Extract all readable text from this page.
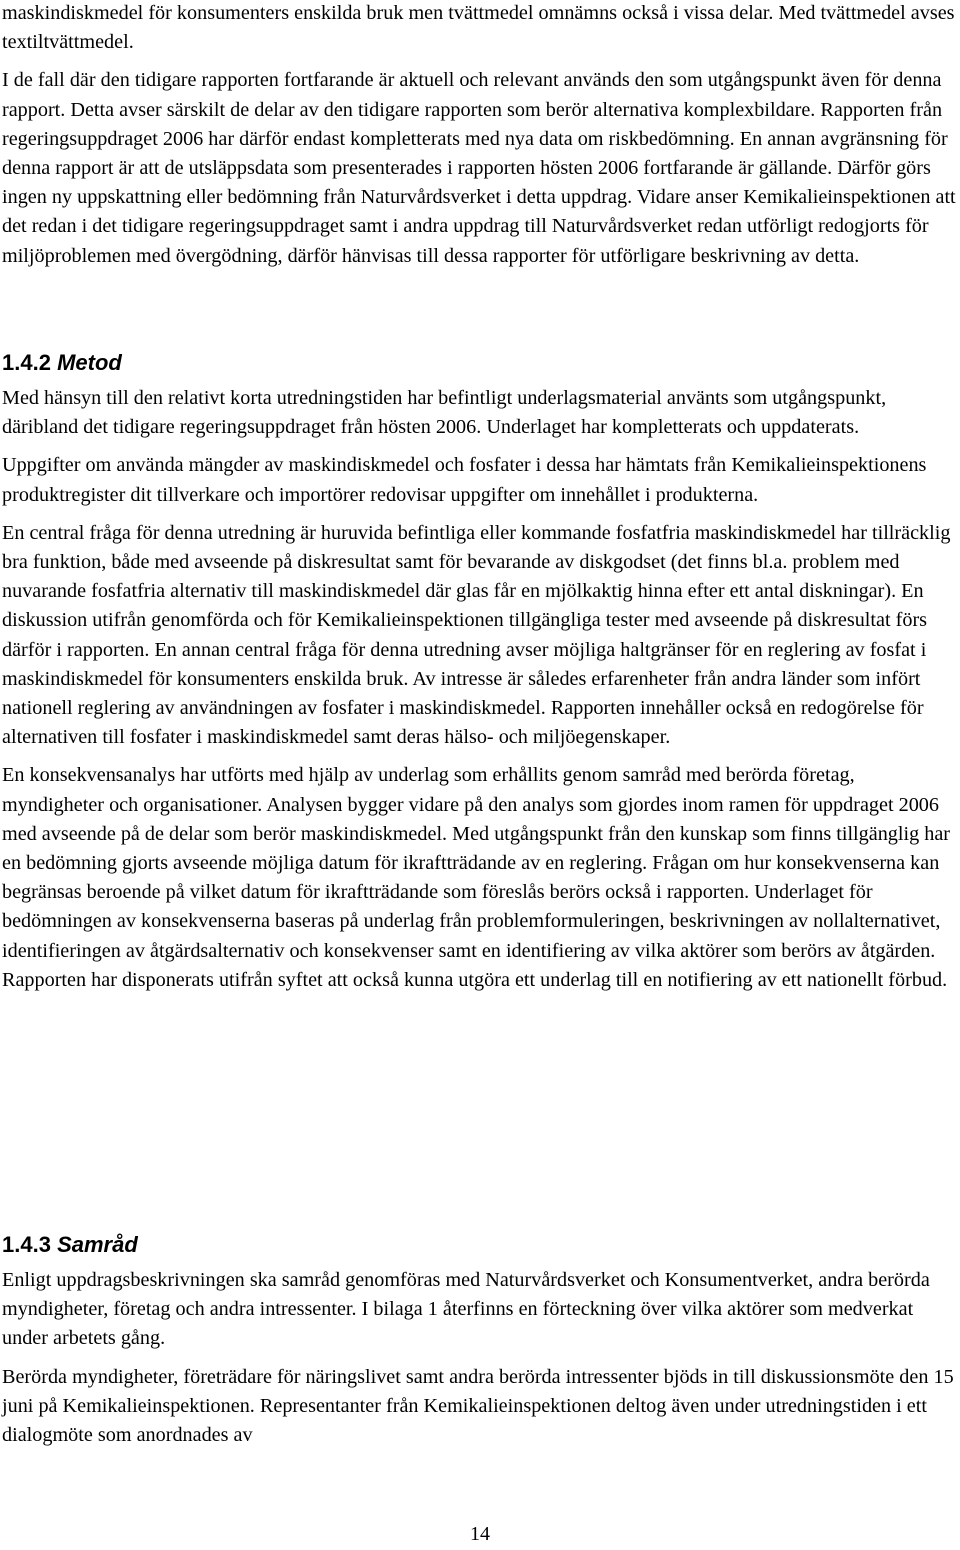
maskindiskmedel för konsumenters enskilda bruk men tvättmedel omnämns också i vissa delar. Med tvättmedel avses textiltvättmedel.

I de fall där den tidigare rapporten fortfarande är aktuell och relevant används den som utgångspunkt även för denna rapport. Detta avser särskilt de delar av den tidigare rapporten som berör alternativa komplexbildare. Rapporten från regeringsuppdraget 2006 har därför endast kompletterats med nya data om riskbedömning. En annan avgränsning för denna rapport är att de utsläppsdata som presenterades i rapporten hösten 2006 fortfarande är gällande. Därför görs ingen ny uppskattning eller bedömning från Naturvårdsverket i detta uppdrag. Vidare anser Kemikalieinspektionen att det redan i det tidigare regeringsuppdraget samt i andra uppdrag till Naturvårdsverket redan utförligt redogjorts för miljöproblemen med övergödning, därför hänvisas till dessa rapporter för utförligare beskrivning av detta.

1.4.2 Metod

Med hänsyn till den relativt korta utredningstiden har befintligt underlagsmaterial använts som utgångspunkt, däribland det tidigare regeringsuppdraget från hösten 2006. Underlaget har kompletterats och uppdaterats.

Uppgifter om använda mängder av maskindiskmedel och fosfater i dessa har hämtats från Kemikalieinspektionens produktregister dit tillverkare och importörer redovisar uppgifter om innehållet i produkterna.

En central fråga för denna utredning är huruvida befintliga eller kommande fosfatfria maskindiskmedel har tillräcklig bra funktion, både med avseende på diskresultat samt för bevarande av diskgodset (det finns bl.a. problem med nuvarande fosfatfria alternativ till maskindiskmedel där glas får en mjölkaktig hinna efter ett antal diskningar). En diskussion utifrån genomförda och för Kemikalieinspektionen tillgängliga tester med avseende på diskresultat förs därför i rapporten. En annan central fråga för denna utredning avser möjliga haltgränser för en reglering av fosfat i maskindiskmedel för konsumenters enskilda bruk. Av intresse är således erfarenheter från andra länder som infört nationell reglering av användningen av fosfater i maskindiskmedel. Rapporten innehåller också en redogörelse för alternativen till fosfater i maskindiskmedel samt deras hälso- och miljöegenskaper.

En konsekvensanalys har utförts med hjälp av underlag som erhållits genom samråd med berörda företag, myndigheter och organisationer. Analysen bygger vidare på den analys som gjordes inom ramen för uppdraget 2006 med avseende på de delar som berör maskindiskmedel. Med utgångspunkt från den kunskap som finns tillgänglig har en bedömning gjorts avseende möjliga datum för ikraftträdande av en reglering. Frågan om hur konsekvenserna kan begränsas beroende på vilket datum för ikraftträdande som föreslås berörs också i rapporten. Underlaget för bedömningen av konsekvenserna baseras på underlag från problemformuleringen, beskrivningen av nollalternativet, identifieringen av åtgärdsalternativ och konsekvenser samt en identifiering av vilka aktörer som berörs av åtgärden. Rapporten har disponerats utifrån syftet att också kunna utgöra ett underlag till en notifiering av ett nationellt förbud.

1.4.3 Samråd

Enligt uppdragsbeskrivningen ska samråd genomföras med Naturvårdsverket och Konsumentverket, andra berörda myndigheter, företag och andra intressenter. I bilaga 1 återfinns en förteckning över vilka aktörer som medverkat under arbetets gång.

Berörda myndigheter, företrädare för näringslivet samt andra berörda intressenter bjöds in till diskussionsmöte den 15 juni på Kemikalieinspektionen. Representanter från Kemikalieinspektionen deltog även under utredningstiden i ett dialogmöte som anordnades av

14
